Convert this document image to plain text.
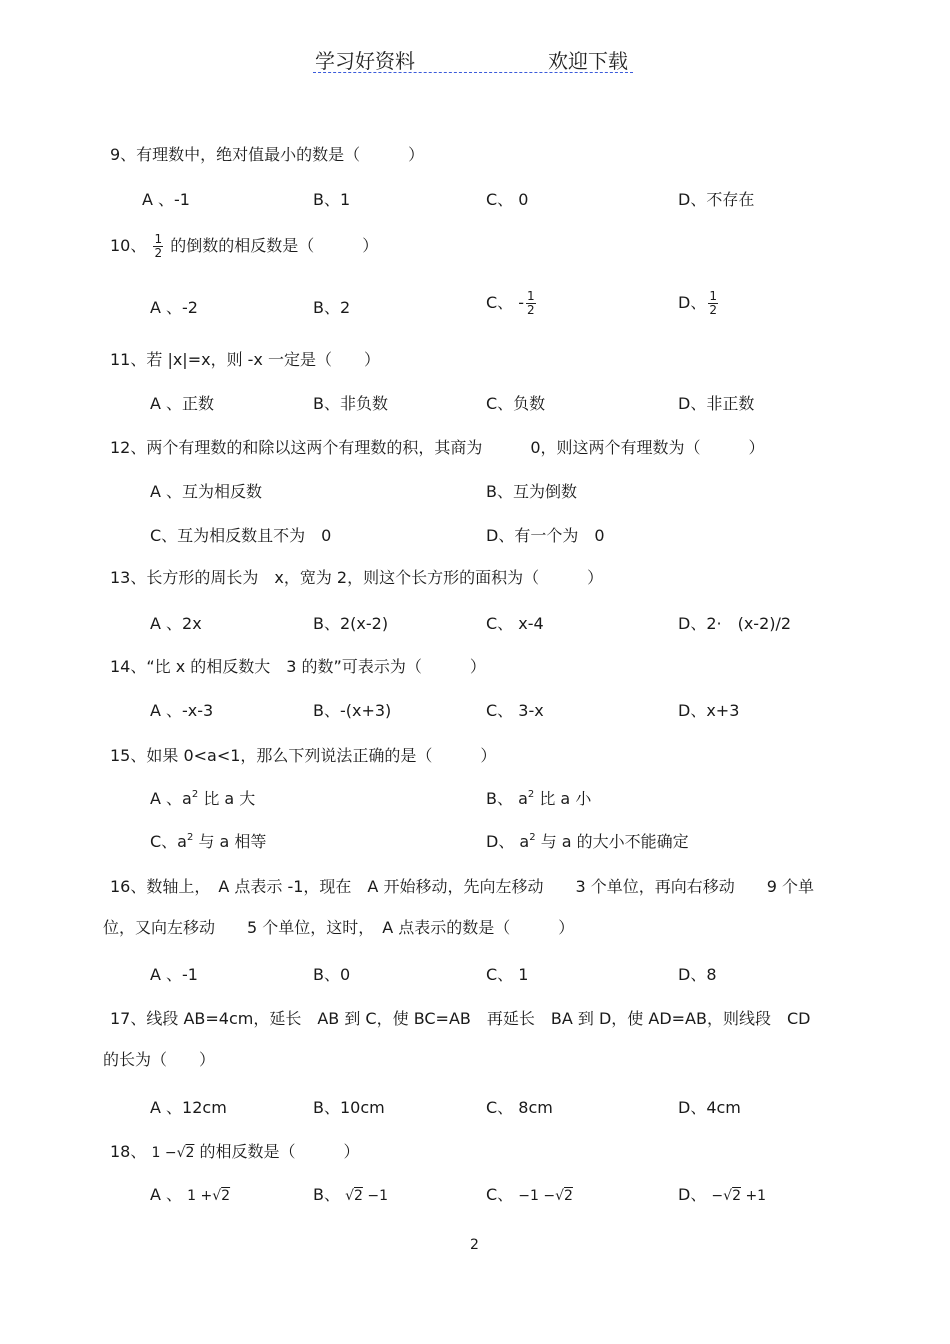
学习好资料	欢迎下载
9、有理数中，绝对值最小的数是（　　　）
A 、-1	B、1	C、 0	D、不存在
10、 $\frac{1}{2}$ 的倒数的相反数是（　　　）
A 、-2	B、2	C、 - $\frac{1}{2}$	D、 $\frac{1}{2}$
11、若 |x|=x，则 -x 一定是（　　）
A 、正数	B、非负数	C、负数	D、非正数
12、两个有理数的和除以这两个有理数的积，其商为　　　0，则这两个有理数为（　　　）
A 、互为相反数	B、互为倒数
C、互为相反数且不为　0	D、有一个为　0
13、长方形的周长为　x，宽为 2，则这个长方形的面积为（　　　）
A 、2x	B、2(x-2)	C、 x-4	D、2·　(x-2)/2
14、“比 x 的相反数大　3 的数”可表示为（　　　）
A 、-x-3	B、-(x+3)	C、 3-x	D、x+3
15、如果 0<a<1，那么下列说法正确的是（　　　）
A 、$a^2$ 比 a 大	B、 $a^2$ 比 a 小
C、$a^2$ 与 a 相等	D、 $a^2$ 与 a 的大小不能确定
16、数轴上，　A 点表示 -1，现在　A 开始移动，先向左移动　　3 个单位，再向右移动　　9 个单
位，又向左移动　　5 个单位，这时，　A 点表示的数是（　　　）
A 、-1	B、0	C、 1	D、8
17、线段 AB=4cm，延长　AB 到 C，使 BC=AB　再延长　BA 到 D，使 AD=AB，则线段　CD
的长为（　　）
A 、12cm	B、10cm	C、 8cm	D、4cm
18、 1 −√2 的相反数是（　　　）
A 、 1 +√2	B、 √2 −1	C、 −1 −√2	D、 −√2 +1
2
